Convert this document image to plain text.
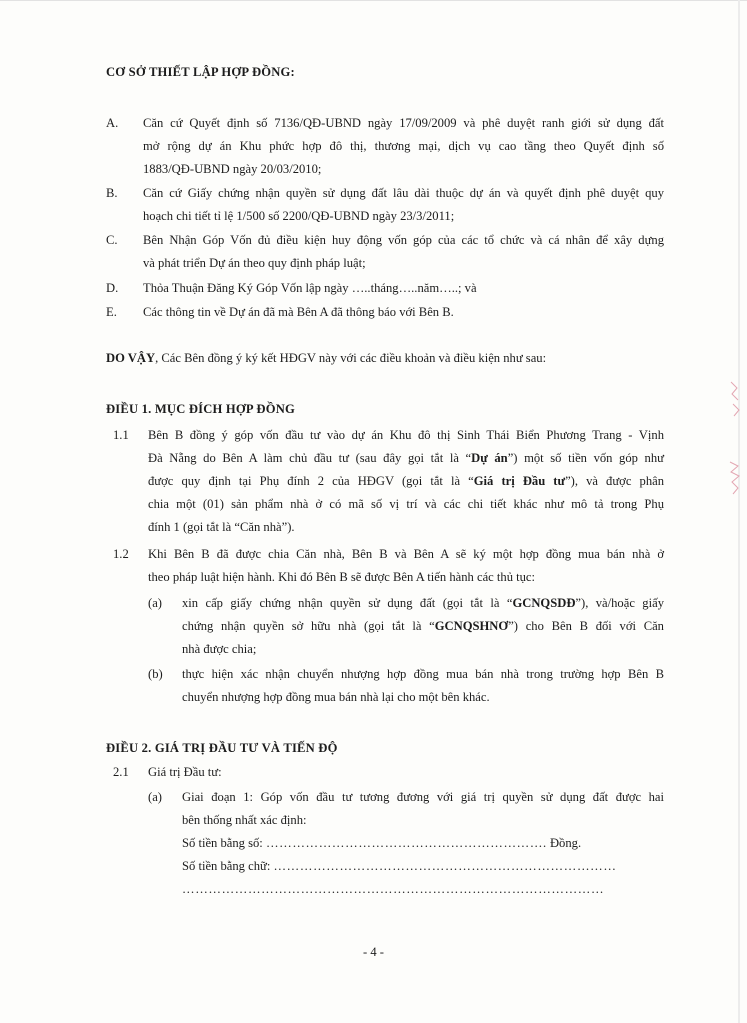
CƠ SỞ THIẾT LẬP HỢP ĐỒNG:
A. Căn cứ Quyết định số 7136/QĐ-UBND ngày 17/09/2009 và phê duyệt ranh giới sử dụng đất
mở rộng dự án Khu phức hợp đô thị, thương mại, dịch vụ cao tầng theo Quyết định số
1883/QĐ-UBND ngày 20/03/2010;
B. Căn cứ Giấy chứng nhận quyền sử dụng đất lâu dài thuộc dự án và quyết định phê duyệt quy
hoạch chi tiết tỉ lệ 1/500 số 2200/QĐ-UBND ngày 23/3/2011;
C. Bên Nhận Góp Vốn đủ điều kiện huy động vốn góp của các tổ chức và cá nhân để xây dựng
và phát triển Dự án theo quy định pháp luật;
D. Thỏa Thuận Đăng Ký Góp Vốn lập ngày …..tháng…..năm…..; và
E. Các thông tin về Dự án đã mà Bên A đã thông báo với Bên B.
DO VẬY, Các Bên đồng ý ký kết HĐGV này với các điều khoản và điều kiện như sau:
ĐIỀU 1. MỤC ĐÍCH HỢP ĐỒNG
1.1 Bên B đồng ý góp vốn đầu tư vào dự án Khu đô thị Sinh Thái Biển Phương Trang - Vịnh
Đà Nẵng do Bên A làm chủ đầu tư (sau đây gọi tắt là “Dự án”) một số tiền vốn góp như
được quy định tại Phụ đính 2 của HĐGV (gọi tắt là “Giá trị Đầu tư”), và được phân
chia một (01) sản phẩm nhà ở có mã số vị trí và các chi tiết khác như mô tả trong Phụ
đính 1 (gọi tắt là “Căn nhà”).
1.2 Khi Bên B đã được chia Căn nhà, Bên B và Bên A sẽ ký một hợp đồng mua bán nhà ở
theo pháp luật hiện hành. Khi đó Bên B sẽ được Bên A tiến hành các thủ tục:
(a) xin cấp giấy chứng nhận quyền sử dụng đất (gọi tắt là “GCNQSDĐ”), và/hoặc giấy
chứng nhận quyền sở hữu nhà (gọi tắt là “GCNQSHNƠ”) cho Bên B đối với Căn
nhà được chia;
(b) thực hiện xác nhận chuyển nhượng hợp đồng mua bán nhà trong trường hợp Bên B
chuyển nhượng hợp đồng mua bán nhà lại cho một bên khác.
ĐIỀU 2. GIÁ TRỊ ĐẦU TƯ VÀ TIẾN ĐỘ
2.1 Giá trị Đầu tư:
(a) Giai đoạn 1: Góp vốn đầu tư tương đương với giá trị quyền sử dụng đất được hai
bên thống nhất xác định:
Số tiền bằng số: ………………………………………………………. Đồng.
Số tiền bằng chữ: ……………………………………………………………………
……………………………………………………………………………………
- 4 -
